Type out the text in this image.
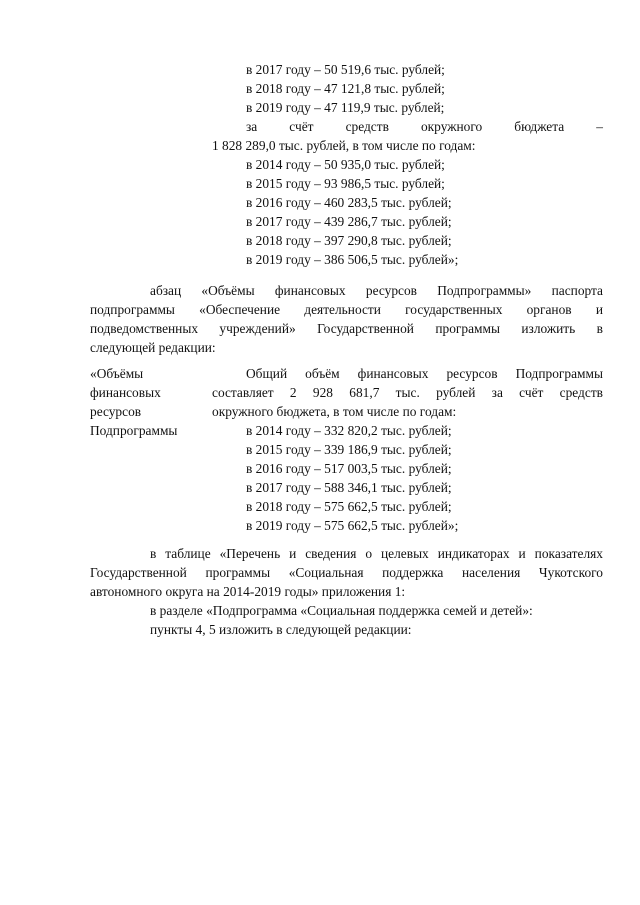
в 2017 году – 50 519,6 тыс. рублей;
в 2018 году – 47 121,8 тыс. рублей;
в 2019 году – 47 119,9 тыс. рублей;
за счёт средств окружного бюджета –
1 828 289,0 тыс. рублей, в том числе по годам:
в 2014 году – 50 935,0 тыс. рублей;
в 2015 году – 93 986,5 тыс. рублей;
в 2016 году – 460 283,5 тыс. рублей;
в 2017 году – 439 286,7 тыс. рублей;
в 2018 году – 397 290,8 тыс. рублей;
в 2019 году – 386 506,5 тыс. рублей»;
абзац «Объёмы финансовых ресурсов Подпрограммы» паспорта
подпрограммы «Обеспечение деятельности государственных органов и
подведомственных учреждений» Государственной программы изложить в
следующей редакции:
«Объёмы
финансовых
ресурсов
Подпрограммы
Общий объём финансовых ресурсов Подпрограммы
составляет 2 928 681,7 тыс. рублей за счёт средств
окружного бюджета, в том числе по годам:
в 2014 году – 332 820,2 тыс. рублей;
в 2015 году – 339 186,9 тыс. рублей;
в 2016 году – 517 003,5 тыс. рублей;
в 2017 году – 588 346,1 тыс. рублей;
в 2018 году – 575 662,5 тыс. рублей;
в 2019 году – 575 662,5 тыс. рублей»;
в таблице «Перечень и сведения о целевых индикаторах и показателях
Государственной программы «Социальная поддержка населения Чукотского
автономного округа на 2014-2019 годы» приложения 1:
в разделе «Подпрограмма «Социальная поддержка семей и детей»:
пункты 4, 5 изложить в следующей редакции:
